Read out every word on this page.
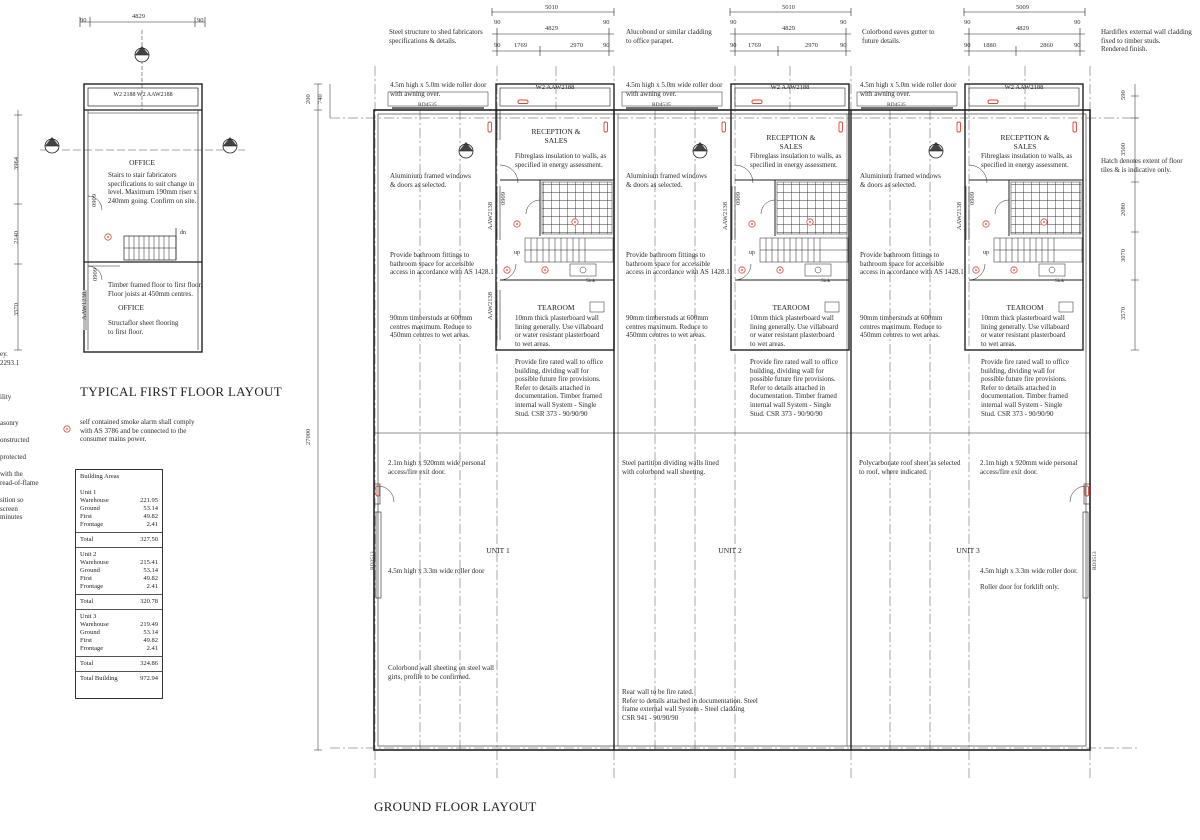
90	90
4829
W2 2188 W2 AAW2188
OFFICE
Stairs to stair fabricators
specifications to suit change in
level. Maximum 190mm riser x
240mm going. Confirm on site.
dn
Timber framed floor to first floor.
Floor joists at 450mm centres.
OFFICE
Structaflor sheet flooring
to first floor.
AAW1238
0909
0909
3964
2140
3570
TYPICAL FIRST FLOOR LAYOUT
ey.
2293.1
ility
asonry
onstructed
protected
with the
read-of-flame
sition so
screen
minutes
self contained smoke alarm shall comply
with AS 3786 and be connected to the
consumer mains power.
Building Areas
Unit 1
Warehouse	221.95
Ground	53.14
First	49.82
Frontage	2.41
Total	327.50
Unit 2
Warehouse	215.41
Ground	53.14
First	49.82
Frontage	2.41
Total	320.78
Unit 3
Warehouse	219.49
Ground	53.14
First	49.82
Frontage	2.41
Total	324.86
Total Building	972.94
Steel structure to shed fabricators
specifications & details.
Alucobond or similar cladding
to office parapet.
Colorbond eaves gutter to
future details.
Hardiflex external wall cladding
fixed to timber studs.
Rendered finish.
5010	5010	5009
4829	4829	4829
90	90	90	90	90	90
90 1769	2970	90	90 1769	2970	90	90 1880	2860	90
4.5m high x 5.0m wide roller door
with awning over.
4.5m high x 5.0m wide roller door
with awning over.
4.5m high x 5.0m wide roller door
with awning over.
W2 AAW2188	W2 AAW2188	W2 AAW2188
RD4535	RD4535	RD4535
RECEPTION & SALES	RECEPTION & SALES
RECEPTION & SALES
Fibreglass insulation to walls, as
specified in energy assessment.
Fibreglass insulation to walls, as
specified in energy assessment.
Fibreglass insulation to walls, as
specified in energy assessment.
Aluminium framed windows
& doors as selected.
Aluminium framed windows
& doors as selected.
Aluminium framed windows
& doors as selected.
Provide bathroom fittings to
bathroom space for accessible
access in accordance with AS 1428.1
Provide bathroom fittings to
bathroom space for accessible
access in accordance with AS 1428.1
Provide bathroom fittings to
bathroom space for accessible
access in accordance with AS 1428.1
up	up	up
Sink	Sink	Sink
TEAROOM	TEAROOM	TEAROOM
10mm thick plasterboard wall
lining generally. Use villaboard
or water resistant plasterboard
to wet areas.
10mm thick plasterboard wall
lining generally. Use villaboard
or water resistant plasterboard
to wet areas.
10mm thick plasterboard wall
lining generally. Use villaboard
or water resistant plasterboard
to wet areas.
90mm timberstuds at 600mm
centres maximum. Reduce to
450mm centres to wet areas.
90mm timberstuds at 600mm
centres maximum. Reduce to
450mm centres to wet areas.
90mm timberstuds at 600mm
centres maximum. Reduce to
450mm centres to wet areas.
Provide fire rated wall to office
building, dividing wall for
possible future fire provisions.
Refer to details attached in
documentation. Timber framed
internal wall System - Single
Stud. CSR 373 - 90/90/90
Provide fire rated wall to office
building, dividing wall for
possible future fire provisions.
Refer to details attached in
documentation. Timber framed
internal wall System - Single
Stud. CSR 373 - 90/90/90
Provide fire rated wall to office
building, dividing wall for
possible future fire provisions.
Refer to details attached in
documentation. Timber framed
internal wall System - Single
Stud. CSR 373 - 90/90/90
2.1m high x 920mm wide personal
access/fire exit door.
Steel partition dividing walls lined
with colorbond wall sheeting.
Polycarbonate roof sheet as selected
to roof, where indicated.
2.1m high x 920mm wide personal
access/fire exit door.
UNIT 1	UNIT 2	UNIT 3
4.5m high x 3.3m wide roller door	4.5m high x 3.3m wide roller door.
Roller door for forklift only.
Colorbond wall sheeting on steel wall
girts, profile to be confirmed.
Rear wall to be fire rated.
Refer to details attached in documentation. Steel
frame external wall System - Steel cladding
CSR 941 - 90/90/90
Hatch denotes extent of floor
tiles & is indicative only.
AAW2138	AAW2138	AAW2138
AAW2138
0909	0909	0909
RD3513	RD3513
590
3500
2080
3070
3570
27000
200 740
GROUND FLOOR LAYOUT
